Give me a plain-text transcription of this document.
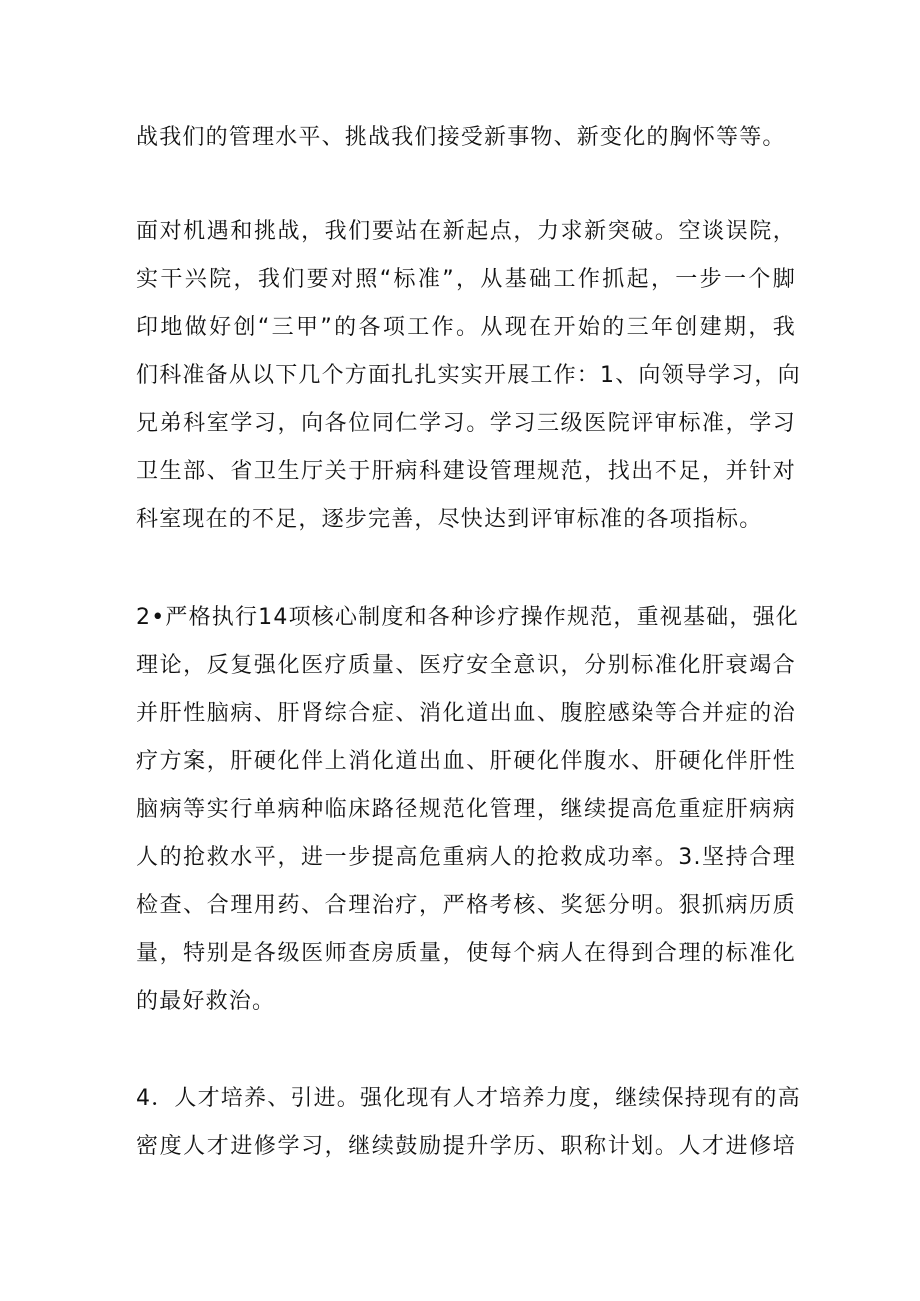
战我们的管理水平、挑战我们接受新事物、新变化的胸怀等等。
面对机遇和挑战，我们要站在新起点，力求新突破。空谈误院，
实干兴院，我们要对照“标准”，从基础工作抓起，一步一个脚
印地做好创“三甲”的各项工作。从现在开始的三年创建期，我
们科准备从以下几个方面扎扎实实开展工作：1、向领导学习，向
兄弟科室学习，向各位同仁学习。学习三级医院评审标准，学习
卫生部、省卫生厅关于肝病科建设管理规范，找出不足，并针对
科室现在的不足，逐步完善，尽快达到评审标准的各项指标。
2•严格执行14项核心制度和各种诊疗操作规范，重视基础，强化
理论，反复强化医疗质量、医疗安全意识，分别标准化肝衰竭合
并肝性脑病、肝肾综合症、消化道出血、腹腔感染等合并症的治
疗方案，肝硬化伴上消化道出血、肝硬化伴腹水、肝硬化伴肝性
脑病等实行单病种临床路径规范化管理，继续提高危重症肝病病
人的抢救水平，进一步提高危重病人的抢救成功率。3.坚持合理
检查、合理用药、合理治疗，严格考核、奖惩分明。狠抓病历质
量，特别是各级医师查房质量，使每个病人在得到合理的标准化
的最好救治。
4．人才培养、引进。强化现有人才培养力度，继续保持现有的高
密度人才进修学习，继续鼓励提升学历、职称计划。人才进修培
